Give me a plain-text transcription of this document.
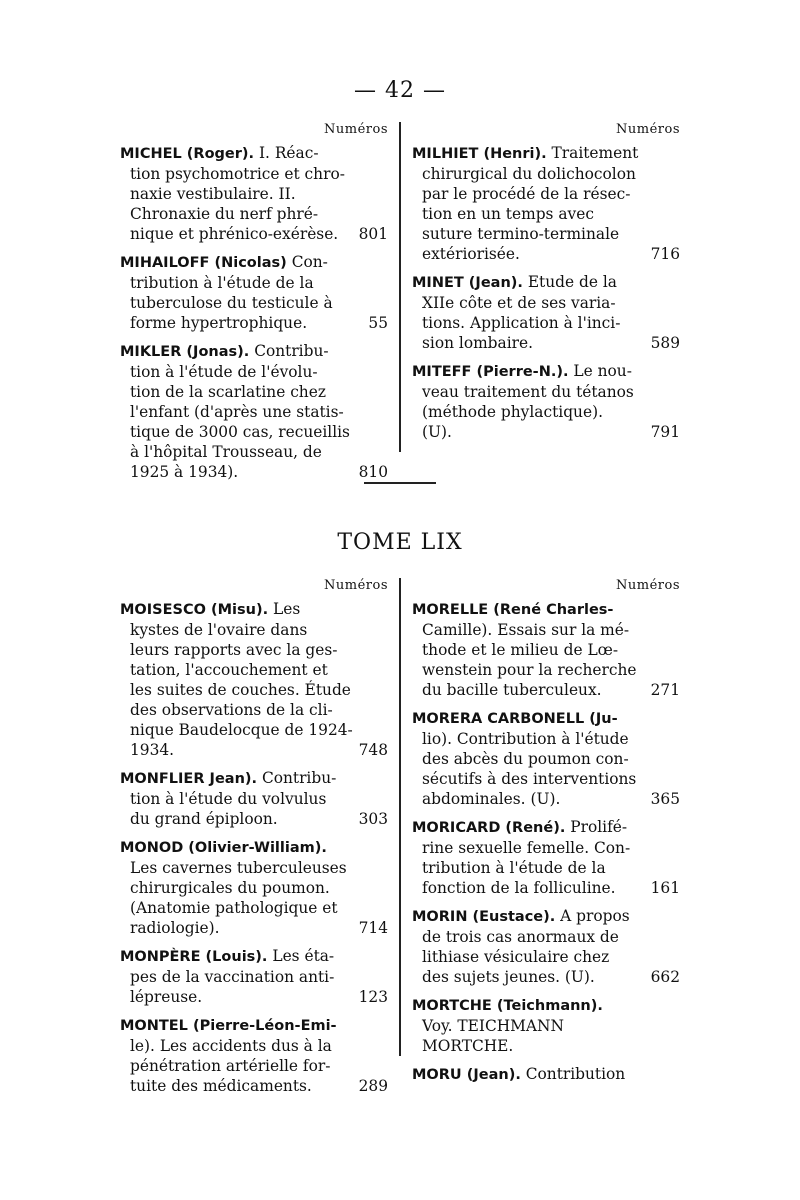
— 42 —
Numéros
MICHEL (Roger). I. Réac-
tion psychomotrice et chro-
naxie vestibulaire. II.
Chronaxie du nerf phré-
nique et phrénico-exérèse. 801
MIHAILOFF (Nicolas) Con-
tribution à l'étude de la
tuberculose du testicule à
forme hypertrophique.	55
MIKLER (Jonas). Contribu-
tion à l'étude de l'évolu-
tion de la scarlatine chez
l'enfant (d'après une statis-
tique de 3000 cas, recueillis
à l'hôpital Trousseau, de
1925 à 1934).	810
Numéros
MILHIET (Henri). Traitement
chirurgical du dolichocolon
par le procédé de la résec-
tion en un temps avec
suture termino-terminale
extériorisée.	716
MINET (Jean). Etude de la
XIIe côte et de ses varia-
tions. Application à l'inci-
sion lombaire.	589
MITEFF (Pierre-N.). Le nou-
veau traitement du tétanos
(méthode phylactique).
(U).	791
TOME LIX
Numéros
MOISESCO (Misu). Les
kystes de l'ovaire dans
leurs rapports avec la ges-
tation, l'accouchement et
les suites de couches. Étude
des observations de la cli-
nique Baudelocque de 1924-
1934.	748
MONFLIER Jean). Contribu-
tion à l'étude du volvulus
du grand épiploon.	303
MONOD (Olivier-William).
Les cavernes tuberculeuses
chirurgicales du poumon.
(Anatomie pathologique et
radiologie).	714
MONPÈRE (Louis). Les éta-
pes de la vaccination anti-
lépreuse.	123
MONTEL (Pierre-Léon-Emi-
le). Les accidents dus à la
pénétration artérielle for-
tuite des médicaments.	289
Numéros
MORELLE (René Charles-
Camille). Essais sur la mé-
thode et le milieu de Lœ-
wenstein pour la recherche
du bacille tuberculeux.	271
MORERA CARBONELL (Ju-
lio). Contribution à l'étude
des abcès du poumon con-
sécutifs à des interventions
abdominales. (U).	365
MORICARD (René). Prolifé-
rine sexuelle femelle. Con-
tribution à l'étude de la
fonction de la folliculine. 161
MORIN (Eustace). A propos
de trois cas anormaux de
lithiase vésiculaire chez
des sujets jeunes. (U).	662
MORTCHE (Teichmann).
Voy. TEICHMANN
MORTCHE.
MORU (Jean). Contribution
